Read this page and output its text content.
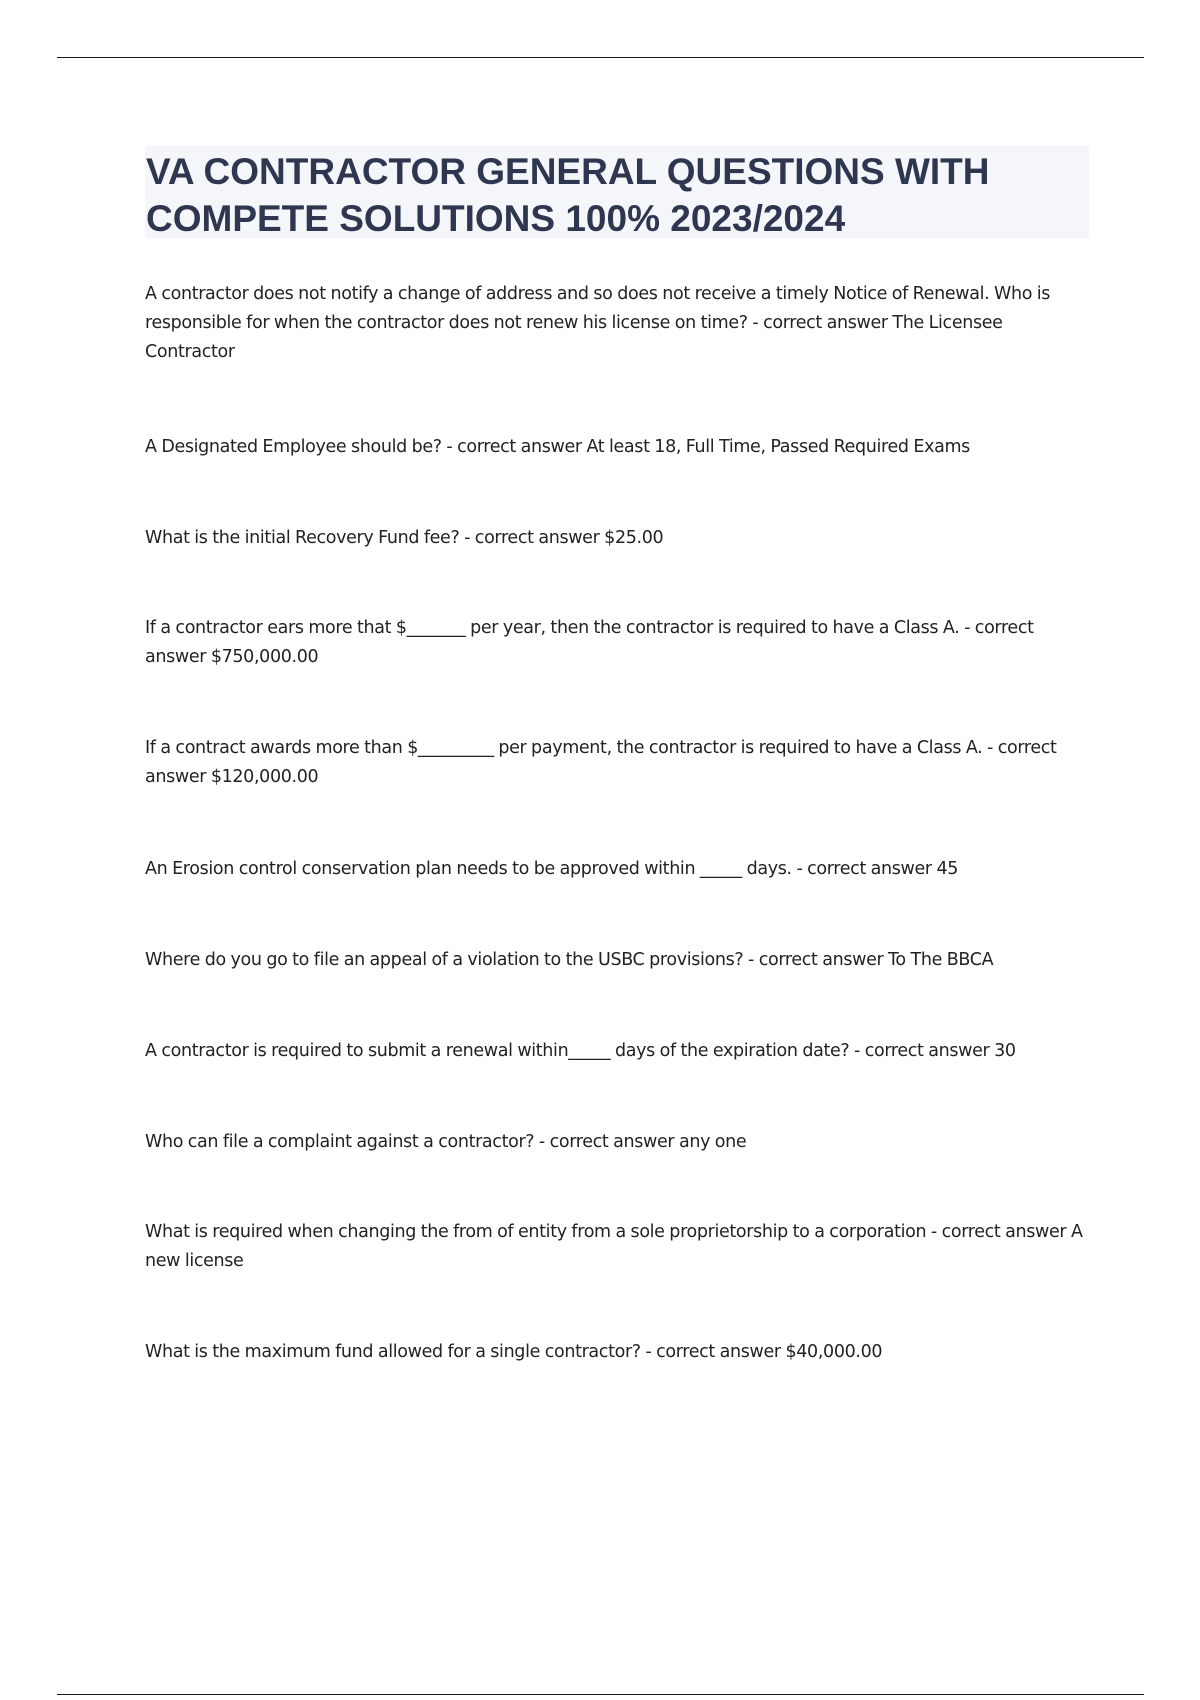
VA CONTRACTOR GENERAL QUESTIONS WITH COMPETE SOLUTIONS 100% 2023/2024

A contractor does not notify a change of address and so does not receive a timely Notice of Renewal. Who is responsible for when the contractor does not renew his license on time? - correct answer The Licensee Contractor

A Designated Employee should be? - correct answer At least 18, Full Time, Passed Required Exams

What is the initial Recovery Fund fee? - correct answer $25.00

If a contractor ears more that $_______ per year, then the contractor is required to have a Class A. - correct answer $750,000.00

If a contract awards more than $_________ per payment, the contractor is required to have a Class A. - correct answer $120,000.00

An Erosion control conservation plan needs to be approved within _____ days. - correct answer 45

Where do you go to file an appeal of a violation to the USBC provisions? - correct answer To The BBCA

A contractor is required to submit a renewal within_____ days of the expiration date? - correct answer 30

Who can file a complaint against a contractor? - correct answer any one

What is required when changing the from of entity from a sole proprietorship to a corporation - correct answer A new license

What is the maximum fund allowed for a single contractor? - correct answer $40,000.00
